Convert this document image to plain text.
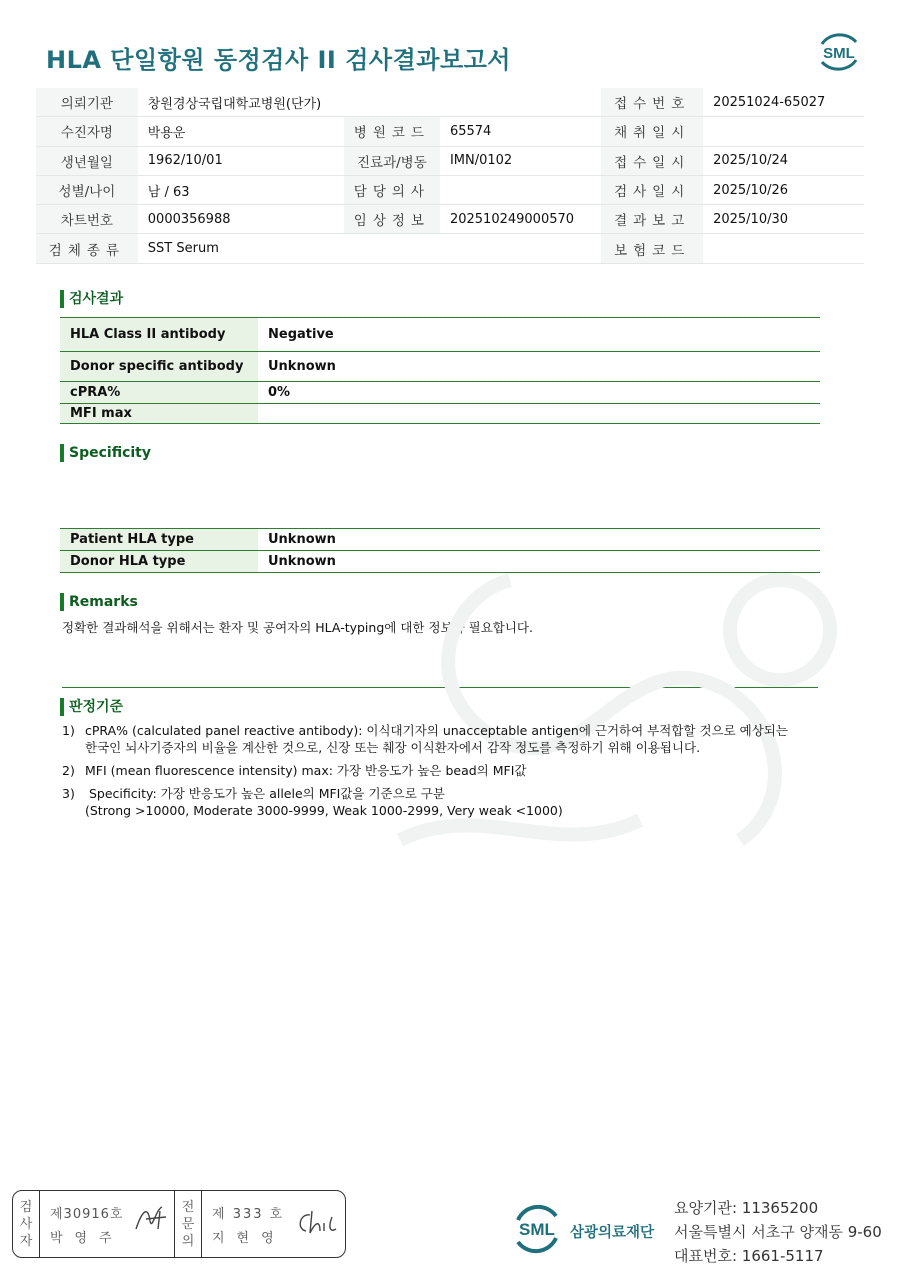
HLA 단일항원 동정검사 II 검사결과보고서	SML
의뢰기관	창원경상국립대학교병원(단가)			접수번호	20251024-65027
수진자명	박용운	병원코드	65574	채취일시	
생년월일	1962/10/01	진료과/병동	IMN/0102	접수일시	2025/10/24
성별/나이	남 / 63	담당의사		검사일시	2025/10/26
차트번호	0000356988	임상정보	202510249000570	결과보고	2025/10/30
검체종류	SST Serum			보험코드	
검사결과
HLA Class II antibody	Negative
Donor specific antibody	Unknown
cPRA%	0%
MFI max	
Specificity
Patient HLA type	Unknown
Donor HLA type	Unknown
Remarks
정확한 결과해석을 위해서는 환자 및 공여자의 HLA-typing에 대한 정보가 필요합니다.
판정기준
1) cPRA% (calculated panel reactive antibody): 이식대기자의 unacceptable antigen에 근거하여 부적합할 것으로 예상되는
한국인 뇌사기증자의 비율을 계산한 것으로, 신장 또는 췌장 이식환자에서 감작 정도를 측정하기 위해 이용됩니다.
2) MFI (mean fluorescence intensity) max: 가장 반응도가 높은 bead의 MFI값
3) Specificity: 가장 반응도가 높은 allele의 MFI값을 기준으로 구분
(Strong >10000, Moderate 3000-9999, Weak 1000-2999, Very weak <1000)
검
사
자
제30916호
박영주
전
문
의
제 333 호
지현영	SML 삼광의료재단
요양기관: 11365200
서울특별시 서초구 양재동 9-60
대표번호: 1661-5117
